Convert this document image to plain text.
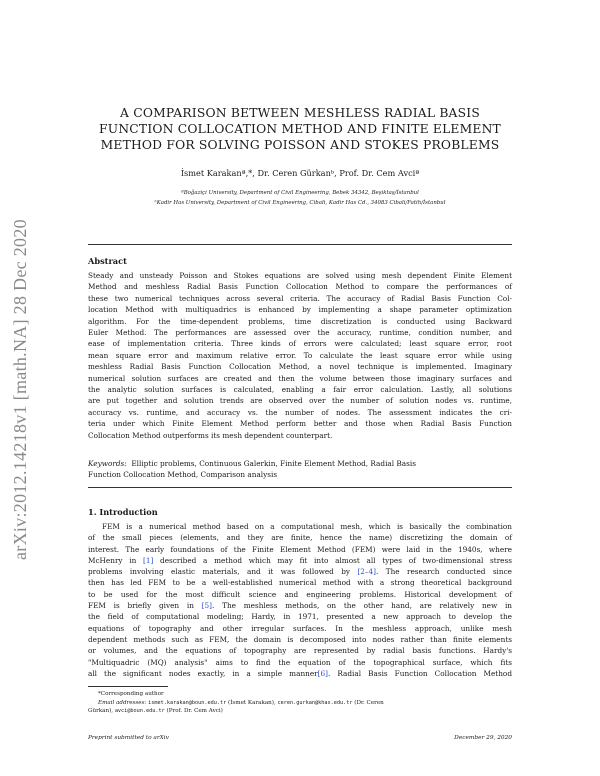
arXiv:2012.14218v1 [math.NA] 28 Dec 2020
A COMPARISON BETWEEN MESHLESS RADIAL BASIS
FUNCTION COLLOCATION METHOD AND FINITE ELEMENT
METHOD FOR SOLVING POISSON AND STOKES PROBLEMS
İsmet Karakanª,*, Dr. Ceren Gürkanᵇ, Prof. Dr. Cem Avciª
ªBoğaziçi University, Department of Civil Engineering, Bebek 34342, Beşiktaş/İstanbul
ᵇKadir Has University, Department of Civil Engineering, Cibali, Kadir Has Cd., 34083 Cibali/Fatih/İstanbul
Abstract
Steady and unsteady Poisson and Stokes equations are solved using mesh dependent Finite Element
Method and meshless Radial Basis Function Collocation Method to compare the performances of
these two numerical techniques across several criteria. The accuracy of Radial Basis Function Col-
location Method with multiquadrics is enhanced by implementing a shape parameter optimization
algorithm. For the time-dependent problems, time discretization is conducted using Backward
Euler Method. The performances are assessed over the accuracy, runtime, condition number, and
ease of implementation criteria. Three kinds of errors were calculated; least square error, root
mean square error and maximum relative error. To calculate the least square error while using
meshless Radial Basis Function Collocation Method, a novel technique is implemented. Imaginary
numerical solution surfaces are created and then the volume between those imaginary surfaces and
the analytic solution surfaces is calculated, enabling a fair error calculation. Lastly, all solutions
are put together and solution trends are observed over the number of solution nodes vs. runtime,
accuracy vs. runtime, and accuracy vs. the number of nodes. The assessment indicates the cri-
teria under which Finite Element Method perform better and those when Radial Basis Function
Collocation Method outperforms its mesh dependent counterpart.
Keywords: Elliptic problems, Continuous Galerkin, Finite Element Method, Radial Basis
Function Collocation Method, Comparison analysis
1. Introduction
FEM is a numerical method based on a computational mesh, which is basically the combination
of the small pieces (elements, and they are finite, hence the name) discretizing the domain of
interest. The early foundations of the Finite Element Method (FEM) were laid in the 1940s, where
McHenry in [1] described a method which may fit into almost all types of two-dimensional stress
problems involving elastic materials, and it was followed by [2–4]. The research conducted since
then has led FEM to be a well-established numerical method with a strong theoretical background
to be used for the most difficult science and engineering problems. Historical development of
FEM is briefly given in [5]. The meshless methods, on the other hand, are relatively new in
the field of computational modeling; Hardy, in 1971, presented a new approach to develop the
equations of topography and other irregular surfaces. In the meshless approach, unlike mesh
dependent methods such as FEM, the domain is decomposed into nodes rather than finite elements
or volumes, and the equations of topography are represented by radial basis functions. Hardy's
"Multiquadric (MQ) analysis" aims to find the equation of the topographical surface, which fits
all the significant nodes exactly, in a simple manner[6]. Radial Basis Function Collocation Method
*Corresponding author
Email addresses: ismet.karakan@boun.edu.tr (İsmet Karakan), ceren.gurkan@khas.edu.tr (Dr. Ceren
Gürkan), avci@boun.edu.tr (Prof. Dr. Cem Avci)
Preprint submitted to arXiv	December 29, 2020
